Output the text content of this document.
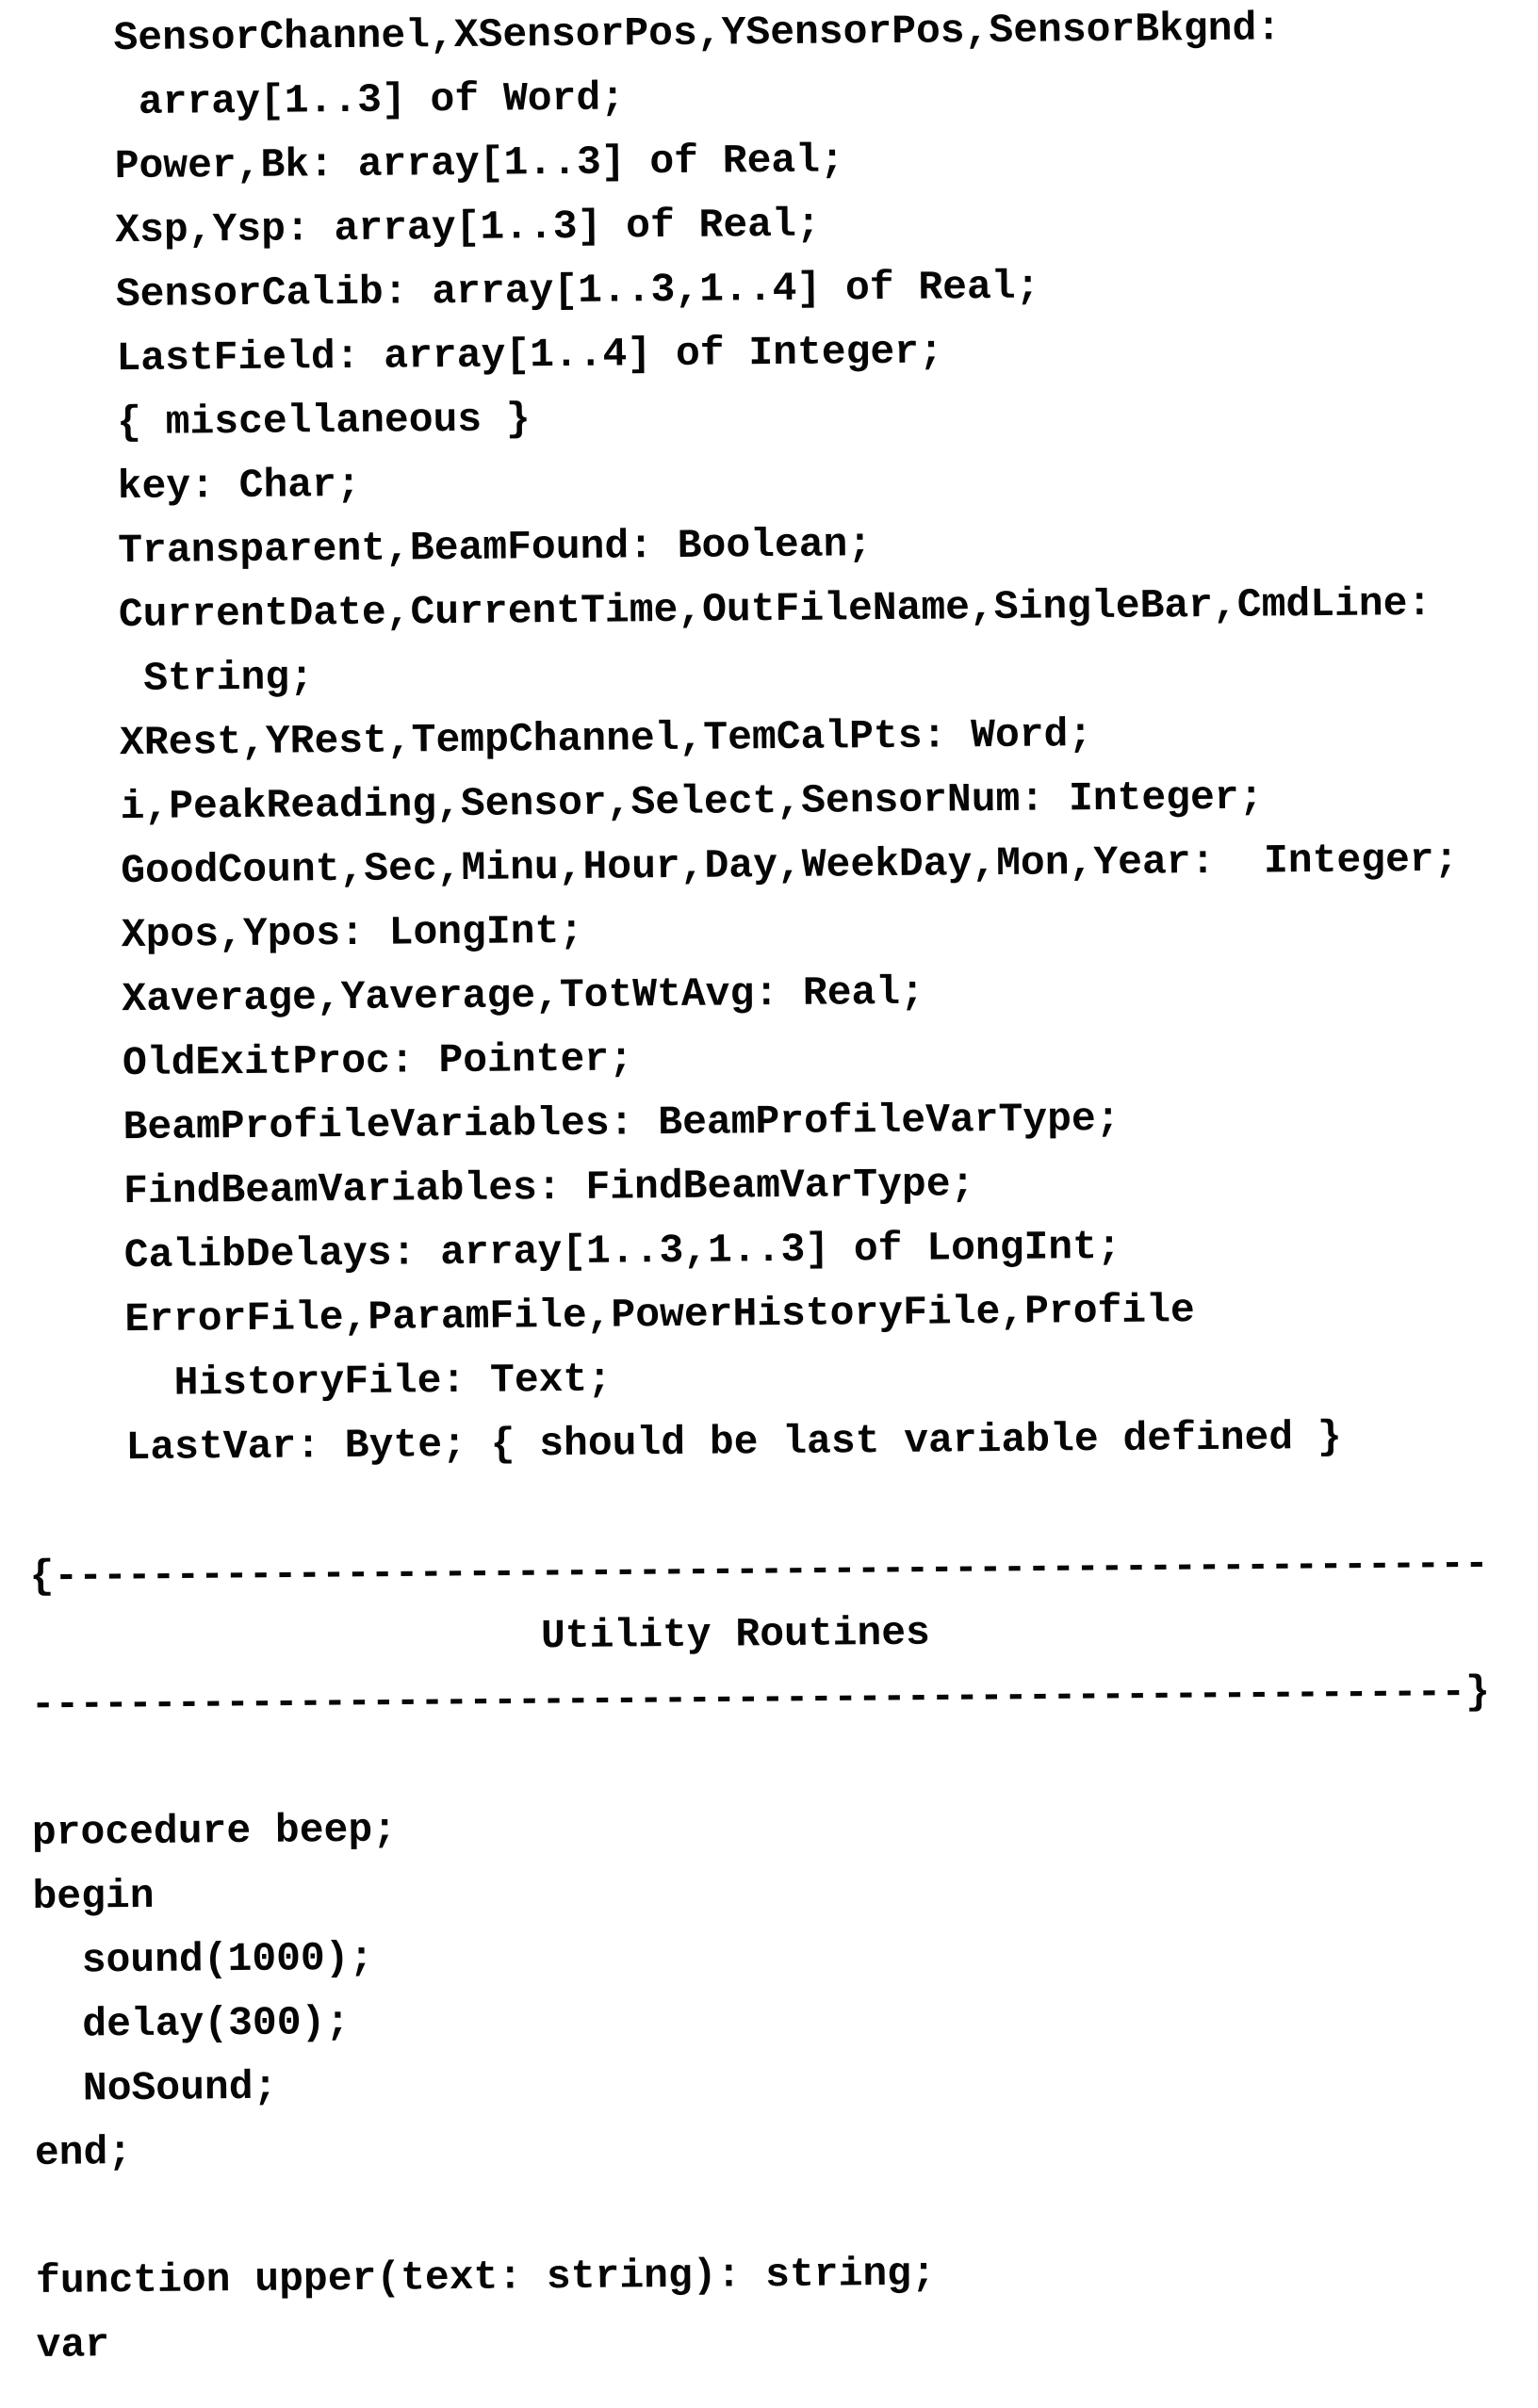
SensorChannel,XSensorPos,YSensorPos,SensorBkgnd:
array[1..3] of Word;
Power,Bk: array[1..3] of Real;
Xsp,Ysp: array[1..3] of Real;
SensorCalib: array[1..3,1..4] of Real;
LastField: array[1..4] of Integer;
{ miscellaneous }
key: Char;
Transparent,BeamFound: Boolean;
CurrentDate,CurrentTime,OutFileName,SingleBar,CmdLine:
String;
XRest,YRest,TempChannel,TemCalPts: Word;
i,PeakReading,Sensor,Select,SensorNum: Integer;
GoodCount,Sec,Minu,Hour,Day,WeekDay,Mon,Year:  Integer;
Xpos,Ypos: LongInt;
Xaverage,Yaverage,TotWtAvg: Real;
OldExitProc: Pointer;
BeamProfileVariables: BeamProfileVarType;
FindBeamVariables: FindBeamVarType;
CalibDelays: array[1..3,1..3] of LongInt;
ErrorFile,ParamFile,PowerHistoryFile,Profile
HistoryFile: Text;
LastVar: Byte; { should be last variable defined }
{-----------------------------------------------------------
Utility Routines
-----------------------------------------------------------}
procedure beep;
begin
sound(1000);
delay(300);
NoSound;
end;
function upper(text: string): string;
var
